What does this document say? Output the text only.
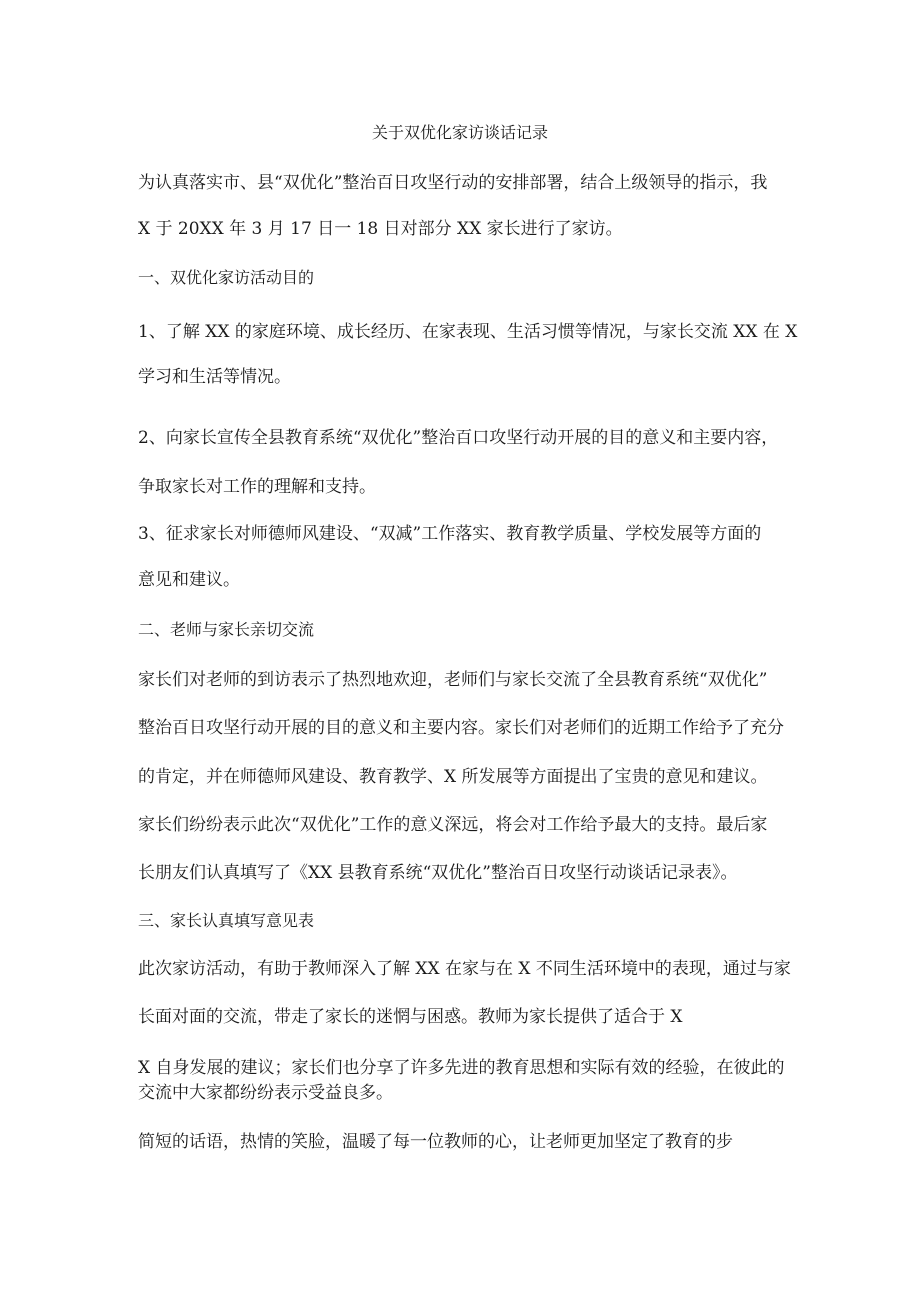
关于双优化家访谈话记录
为认真落实市、县“双优化”整治百日攻坚行动的安排部署，结合上级领导的指示，我
X 于 20XX 年 3 月 17 日一 18 日对部分 XX 家长进行了家访。
一、双优化家访活动目的
1、了解 XX 的家庭环境、成长经历、在家表现、生活习惯等情况，与家长交流 XX 在 X
学习和生活等情况。
2、向家长宣传全县教育系统“双优化”整治百口攻坚行动开展的目的意义和主要内容，
争取家长对工作的理解和支持。
3、征求家长对师德师风建设、“双减”工作落实、教育教学质量、学校发展等方面的
意见和建议。
二、老师与家长亲切交流
家长们对老师的到访表示了热烈地欢迎，老师们与家长交流了全县教育系统“双优化”
整治百日攻坚行动开展的目的意义和主要内容。家长们对老师们的近期工作给予了充分
的肯定，并在师德师风建设、教育教学、X 所发展等方面提出了宝贵的意见和建议。
家长们纷纷表示此次“双优化”工作的意义深远，将会对工作给予最大的支持。最后家
长朋友们认真填写了《XX 县教育系统“双优化”整治百日攻坚行动谈话记录表》。
三、家长认真填写意见表
此次家访活动，有助于教师深入了解 XX 在家与在 X 不同生活环境中的表现，通过与家
长面对面的交流，带走了家长的迷惘与困惑。教师为家长提供了适合于 X
X 自身发展的建议；家长们也分享了许多先进的教育思想和实际有效的经验，在彼此的
交流中大家都纷纷表示受益良多。
简短的话语，热情的笑脸，温暖了每一位教师的心，让老师更加坚定了教育的步
